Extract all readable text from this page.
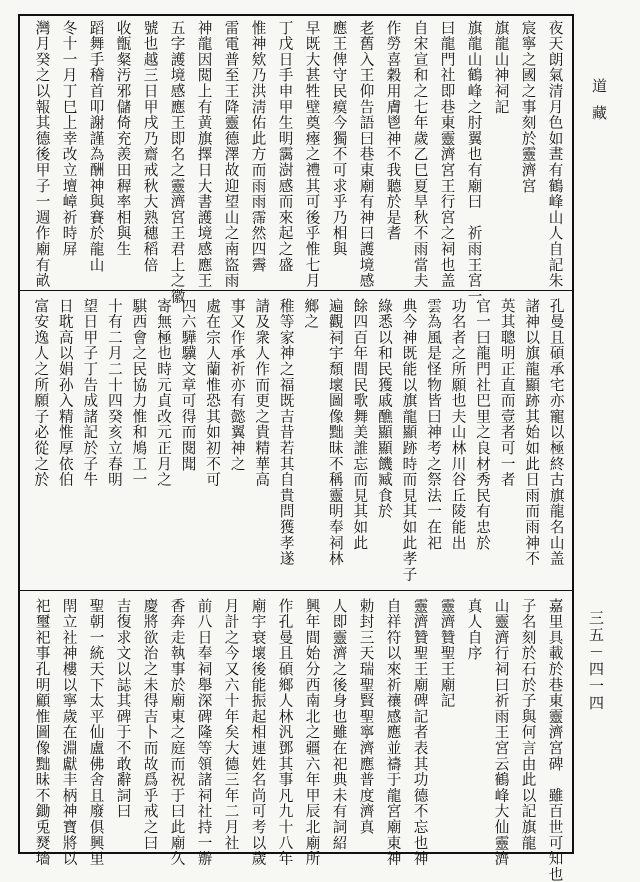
道藏
夜天朗氣清月色如晝有鶴峰山人自記朱
宸寧之國之事刻於靈濟宮
旗龍山神祠記
旗龍山鶴峰之肘翼也有廟曰　祈雨王宮一
曰龍門社即巷東靈濟宮王行宮之祠也盖
自宋宣和之七年歲乙巳夏旱秋不雨當夫
作勞喜穀用膚鬯神不我聽於是耆
老舊入王仰告語曰巷東廟有神曰護境感
應王俾守民瘼今獨不可求乎乃相與
早既大甚牲壁奠瘞之禮其可後乎惟七月
丁戊日手申甲生明靄澍感而來起之盛
惟神欸乃洪淸佑此方而雨雨霈然四霽
雷電普至王降靈德澤故迎望山之南盜雨
神龍因閲上有黄旗擇日大書護境感應王
五字護境感應王即名之靈濟宮王君上之徽
號也越三日甲戌乃齋戒秋大熟穗稻倍
收甑粲汚邪儲倚充羨田稺率相與生
蹈舞手稽首叩謝謹為酬神與賽於龍山
冬十一月丁巳上幸改立壇嶂祈時屏
灣月癸之以報其德後甲子一週作廟有畝
孔曼且碩承宅亦寵以極終古旗龍名山盖
諸神以旗龍顯跡其始如此日雨而雨神不
英其聰明正直而壹者可一者
官一曰龍門社巴里之良材秀民有忠於
功名者之所願也夫山林川谷丘陵能出
雲為風是怪物皆曰神考之祭法一在祀
典今神既能以旗龍顯跡時而見其如此孝子
綠悉以和民獲戚醮顯顯饑臧食於
餘四百年間民歌舞美誰忘而見其如此
遍觀祠宇頹壞圖像黜昧不稱靈明奉祠林
鄉之
稚等家神之福既吉昔若其自貴問獲孝遂
請及衆人作而更之貴精華高
事又作承祈亦有懿翼神之
處在宗人蘭惟恐其如初不可
四六驊驥文章可得而閱聞
寄無極也時元貞改元正月之
騏西會之民協力惟和鳩工一
十有二月二十四癸亥立春明
望日甲子丁告成諸記於子牛
日耽高以娟孙入精惟厚依伯
富安逸人之所願子必從之於
嘉里具載於巷東靈濟宮碑　雖百世可知也
子名刻於石於子與何言由此以記旗龍
山靈濟行祠曰祈雨王宮云鶴峰大仙靈濟
真人自序
靈濟贊聖王廟記
靈濟贊聖王廟碑記者表其功德不忘也神
自祥符以來祈禳感應並禱于龍宮廟東神
勅封三天瑞聖賢聖寧濟應普度濟真
人即靈濟之後身也雖在祀典未有詞紹
興年間始分西南北之疆六年甲辰北廟所
作孔曼且碩鄉人林汎鄧其事凡九十八年
廟宇衰壞後能振起相連姓名尚可考以歲
月計之今又六十年矣大德三年二月社
前八日奉祠舉深碑隆等領諸祠社持一辦
香奔走執事於廟東之庭而祝于曰此廟久
慶將欲治之未得吉卜而故爲乎戒之曰
吉復求文以誌其碑于不敢辭詞曰
聖朝一統天下太平仙盧佛舍且廢俱興里
閈立社神樓以寧歲在淵獻丰柄神寶將以
祀璽祀事孔明顧惟圖像黜昧不鋤兎燹墻	三五－四一四
